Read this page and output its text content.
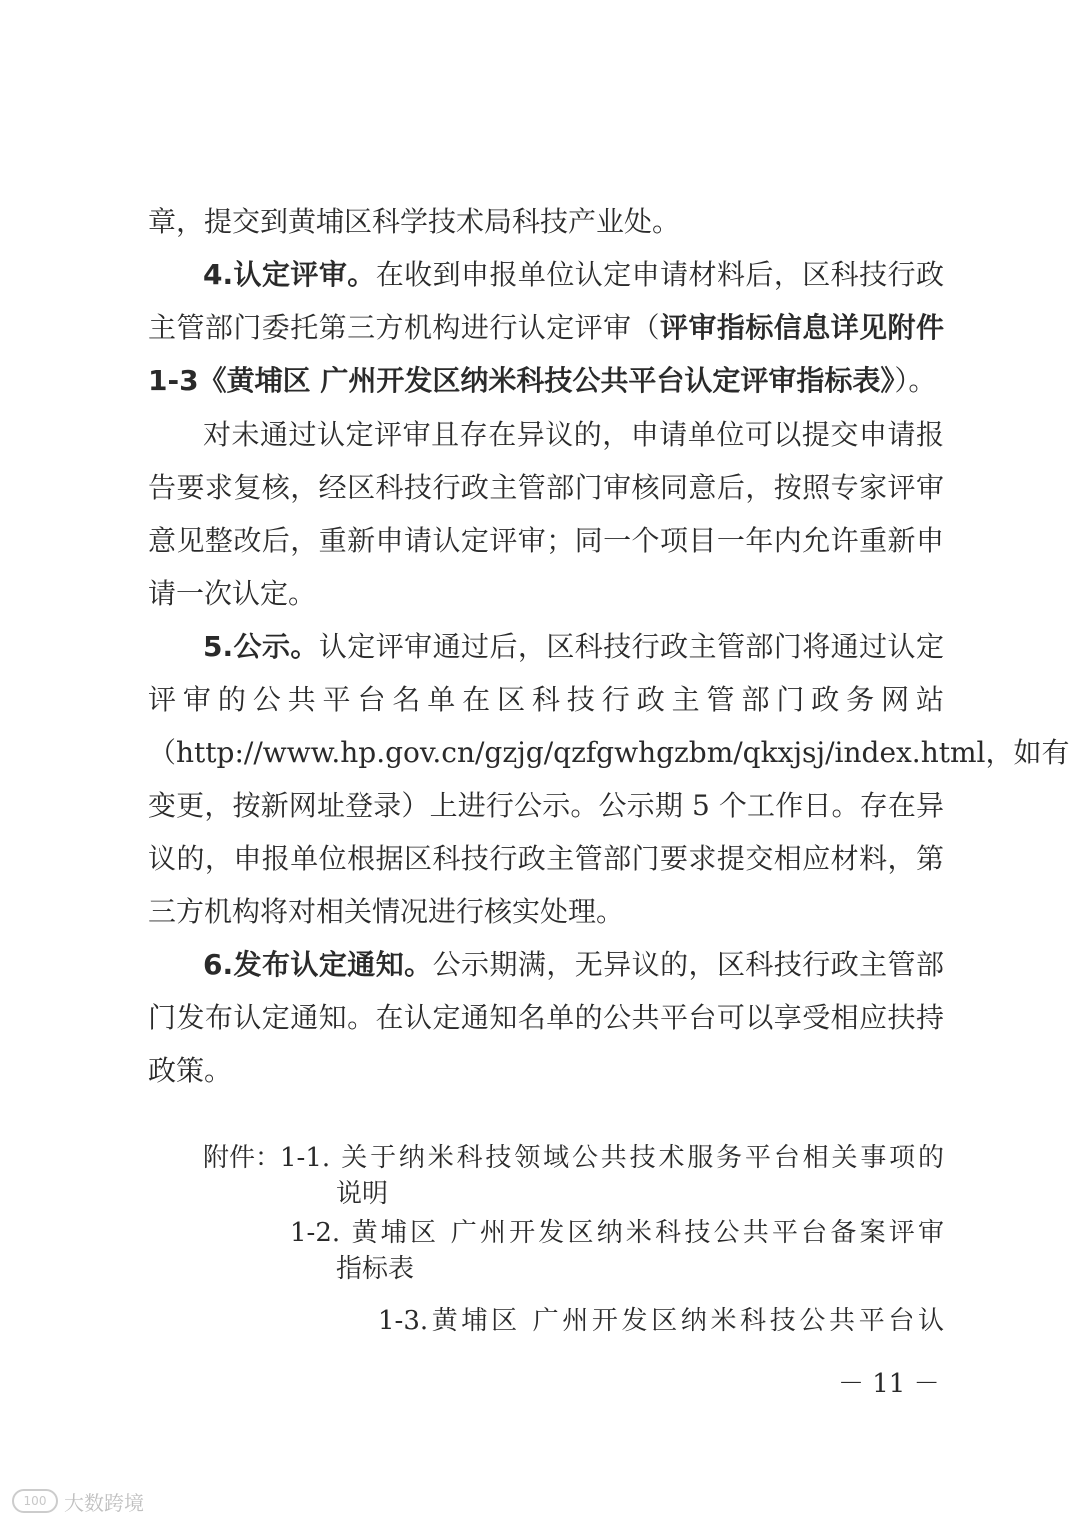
章，提交到黄埔区科学技术局科技产业处。
4.认定评审。在收到申报单位认定申请材料后，区科技行政
主管部门委托第三方机构进行认定评审（评审指标信息详见附件
1-3《黄埔区 广州开发区纳米科技公共平台认定评审指标表》）。
对未通过认定评审且存在异议的，申请单位可以提交申请报
告要求复核，经区科技行政主管部门审核同意后，按照专家评审
意见整改后，重新申请认定评审；同一个项目一年内允许重新申
请一次认定。
5.公示。认定评审通过后，区科技行政主管部门将通过认定
评审的公共平台名单在区科技行政主管部门政务网站
（http://www.hp.gov.cn/gzjg/qzfgwhgzbm/qkxjsj/index.html，如有
变更，按新网址登录）上进行公示。公示期 5 个工作日。存在异
议的，申报单位根据区科技行政主管部门要求提交相应材料，第
三方机构将对相关情况进行核实处理。
6.发布认定通知。公示期满，无异议的，区科技行政主管部
门发布认定通知。在认定通知名单的公共平台可以享受相应扶持
政策。
附件：
1-1. 关于纳米科技领域公共技术服务平台相关事项的
说明
1-2. 黄埔区 广州开发区纳米科技公共平台备案评审
指标表
1-3.黄埔区 广州开发区纳米科技公共平台认
－ 11 －
100 大数跨境
